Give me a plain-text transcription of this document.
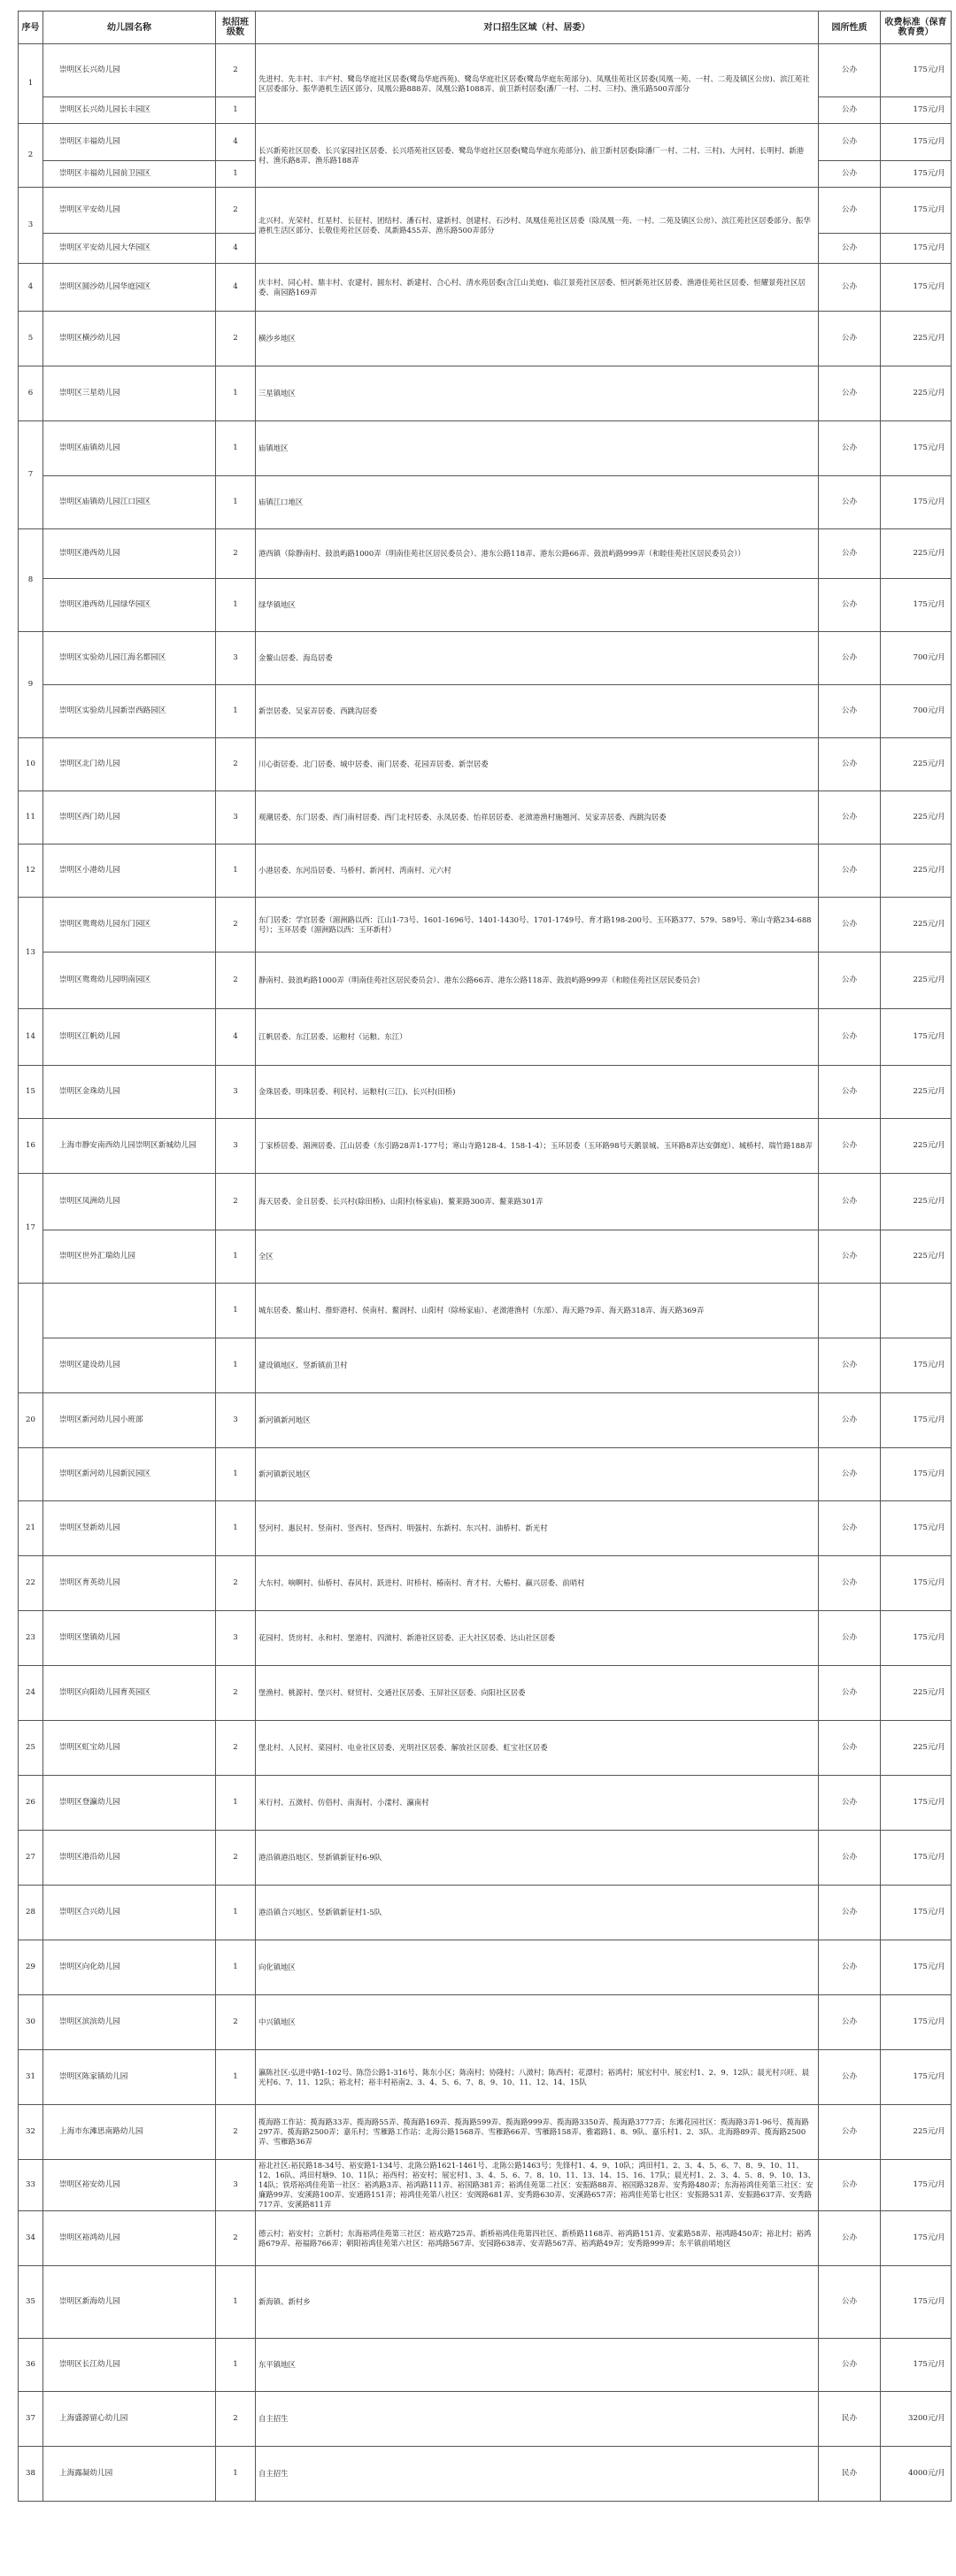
序号	幼儿园名称	拟招班级数	对口招生区域（村、居委）	园所性质	收费标准（保育教育费）
1	崇明区长兴幼儿园	2	先进村、先丰村、丰产村、鹭岛华庭社区居委(鹭岛华庭西苑)、鹭岛华庭社区居委(鹭岛华庭东苑部分)、凤凰佳苑社区居委(凤凰一苑、一村、二苑及镇区公房)、滨江苑社区居委部分、振华港机生活区部分、凤凰公路888弄、凤凰公路1088弄、前卫新村居委(潘厂一村、二村、三村)、渔乐路500弄部分	公办	175元/月
	崇明区长兴幼儿园长丰园区	1		公办	175元/月
2	崇明区丰福幼儿园	4	长兴新苑社区居委、长兴家园社区居委、长兴塔苑社区居委、鹭岛华庭社区居委(鹭岛华庭东苑部分)、前卫新村居委(除潘厂一村、二村、三村)、大河村、长明村、新港村、渔乐路8弄、渔乐路188弄	公办	175元/月
	崇明区丰福幼儿园前卫园区	1		公办	175元/月
3	崇明区平安幼儿园	2	北兴村、光荣村、红星村、长征村、团结村、潘石村、建新村、创建村、石沙村、凤凰佳苑社区居委（除凤凰一苑、一村、二苑及镇区公房）、滨江苑社区居委部分、振华港机生活区部分、长敬佳苑社区居委、凤新路455弄、渔乐路500弄部分	公办	175元/月
	崇明区平安幼儿园大华园区	4		公办	175元/月
4	崇明区圆沙幼儿园华庭园区	4	庆丰村、同心村、鼎丰村、农建村、圆东村、新建村、合心村、清水苑居委(含江山美庭)、临江景苑社区居委、恒河新苑社区居委、渔港佳苑社区居委、恒耀景苑社区居委、南园路169弄	公办	175元/月
5	崇明区横沙幼儿园	2	横沙乡地区	公办	225元/月
6	崇明区三星幼儿园	1	三星镇地区	公办	225元/月
7	崇明区庙镇幼儿园	1	庙镇地区	公办	175元/月
	崇明区庙镇幼儿园江口园区	1	庙镇江口地区	公办	175元/月
8	崇明区港西幼儿园	2	港西镇（除静南村、鼓浪屿路1000弄（明南佳苑社区居民委员会）、港东公路118弄、港东公路66弄、鼓浪屿路999弄（和睦佳苑社区居民委员会））	公办	225元/月
	崇明区港西幼儿园绿华园区	1	绿华镇地区	公办	175元/月
9	崇明区实验幼儿园江海名都园区	3	金鳌山居委、海岛居委	公办	700元/月
	崇明区实验幼儿园新崇西路园区	1	新崇居委、吴家弄居委、西跳沟居委	公办	700元/月
10	崇明区北门幼儿园	2	川心街居委、北门居委、城中居委、南门居委、花园弄居委、新崇居委	公办	225元/月
11	崇明区西门幼儿园	3	观潮居委、东门居委、西门南村居委、西门北村居委、永凤居委、怡祥居居委、老滧港渔村施翘河、吴家弄居委、西跳沟居委	公办	225元/月
12	崇明区小港幼儿园	1	小港居委、东河沿居委、马桥村、新河村、湾南村、元六村	公办	225元/月
13	崇明区鸳鸯幼儿园东门园区	2	东门居委：学宫居委（湄洲路以西：江山1-73号、1601-1696号、1401-1430号、1701-1749号、育才路198-200号、玉环路377、579、589号、寒山寺路234-688号）；玉环居委（湄洲路以西：玉环新村）	公办	225元/月
	崇明区鸳鸯幼儿园明南园区	2	静南村、鼓浪屿路1000弄（明南佳苑社区居民委员会）、港东公路66弄、港东公路118弄、鼓浪屿路999弄（和睦佳苑社区居民委员会）	公办	225元/月
14	崇明区江帆幼儿园	4	江帆居委、东江居委、运粮村（运粮、东江）	公办	175元/月
15	崇明区金珠幼儿园	3	金珠居委、明珠居委、利民村、运粮村(三江)、长兴村(田桥)	公办	225元/月
16	上海市静安南西幼儿园崇明区新城幼儿园	3	丁家桥居委、湄洲居委、江山居委（东引路28弄1-177号；寒山寺路128-4、158-1-4）；玉环居委（玉环路98号天鹅景城、玉环路8弄达安御庭）、城桥村、瑞竹路188弄	公办	225元/月
17	崇明区凤洲幼儿园	2	海天居委、金日居委、长兴村(除田桥)、山阳村(杨家庙)、鳌莱路300弄、鳌莱路301弄	公办	225元/月
	崇明区世外汇瑞幼儿园	1	全区	公办	225元/月
		1	城东居委、鳌山村、推虾港村、侯南村、鳌润村、山阳村（除杨家庙）、老滧港渔村（东部）、海天路79弄、海天路318弄、海天路369弄		
	崇明区建设幼儿园	1	建设镇地区、竖新镇前卫村	公办	175元/月
20	崇明区新河幼儿园小班部	3	新河镇新河地区	公办	175元/月
	崇明区新河幼儿园新民园区	1	新河镇新民地区	公办	175元/月
21	崇明区竖新幼儿园	1	竖河村、惠民村、竖南村、竖西村、竖西村、明强村、东新村、东兴村、油桥村、新光村	公办	175元/月
22	崇明区育英幼儿园	2	大东村、响啊村、仙桥村、春风村、跃进村、时桥村、椿南村、育才村、大椿村、赢兴居委、前哨村	公办	175元/月
23	崇明区堡镇幼儿园	3	花园村、货房村、永和村、堡港村、四滧村、新港社区居委、正大社区居委、达山社区居委	公办	175元/月
24	崇明区向阳幼儿园育英园区	2	堡渔村、桃源村、堡兴村、财贸村、交通社区居委、玉屏社区居委、向阳社区居委	公办	225元/月
25	崇明区虹宝幼儿园	2	堡北村、人民村、菜园村、电业社区居委、光明社区居委、解放社区居委、虹宝社区居委	公办	225元/月
26	崇明区登瀛幼儿园	1	米行村、五滧村、仿俗村、南海村、小漾村、瀛南村	公办	175元/月
27	崇明区港沿幼儿园	2	港沿镇港沿地区、竖新镇新征村6-9队	公办	175元/月
28	崇明区合兴幼儿园	1	港沿镇合兴地区、竖新镇新征村1-5队	公办	175元/月
29	崇明区向化幼儿园	1	向化镇地区	公办	175元/月
30	崇明区滨滨幼儿园	2	中兴镇地区	公办	175元/月
31	崇明区陈家镇幼儿园	1	瀛陈社区:弘进中路1-102号、陈岱公路1-316号、陈东小区；陈南村；协隆村；八滧村；陈西村；花漂村；裕鸿村；展宏村中、展宏村1、2、9、12队；晨光村兴旺、晨光村6、7、11、12队；裕北村；裕丰村裕南2、3、4、5、6、7、8、9、10、11、12、14、15队	公办	175元/月
32	上海市东滩思南路幼儿园	2	揽海路工作站：揽海路33弄、揽海路55弄、揽海路169弄、揽海路599弄、揽海路999弄、揽海路3350弄、揽海路3777弄；东滩花园社区：揽海路3弄1-96号、揽海路297弄、揽海路2500弄；嘉乐村；雪雁路工作站：北海公路1568弄、雪雁路66弄、雪雁路158弄、雅霜路1、8、9队、嘉乐村1、2、3队、北海路89弄、揽海路2500弄、雪雁路36弄	公办	225元/月
33	崇明区裕安幼儿园	3	裕北社区:裕民路18-34号、裕安路1-134号、北陈公路1621-1461号、北陈公路1463号；先锋村1、4、9、10队；鸿田村1、2、3、4、5、6、7、8、9、10、11、12、16队、鸿田村塘9、10、11队；裕西村；裕安村；展宏村1、3、4、5、6、7、8、10、11、13、14、15、16、17队；晨光村1、2、3、4、5、8、9、10、13、14队；铁塔裕鸿佳苑第一社区：裕鸿路3弄、裕鸿路111弄、裕国路381弄；裕鸿佳苑第二社区：安振路88弄、裕国路328弄、安秀路480弄；东海裕鸿佳苑第三社区：安廉路99弄、安溪路100弄、安通路151弄；裕鸿佳苑第八社区：安阁路681弄、安秀路630弄、安溪路657弄；裕鸿佳苑第七社区：安振路531弄、安振路637弄、安秀路717弄、安溪路811弄	公办	175元/月
34	崇明区裕鸿幼儿园	2	德云村；裕安村；立新村；东海裕鸿佳苑第三社区：裕戎路725弄、新桥裕鸿佳苑第四社区、新桥路1168弄、裕鸿路151弄、安素路58弄、裕鸿路450弄；裕北村；裕鸿路679弄、裕福路766弄；朝阳裕鸿佳苑第六社区：裕鸿路567弄、安园路638弄、安弄路567弄、裕鸿路49弄；安秀路999弄；东平镇前哨地区	公办	175元/月
35	崇明区新海幼儿园	1	新海镇、新村乡	公办	175元/月
36	崇明区长江幼儿园	1	东平镇地区	公办	175元/月
37	上海盛源留心幼儿园	2	自主招生	民办	3200元/月
38	上海露凝幼儿园	1	自主招生	民办	4000元/月
